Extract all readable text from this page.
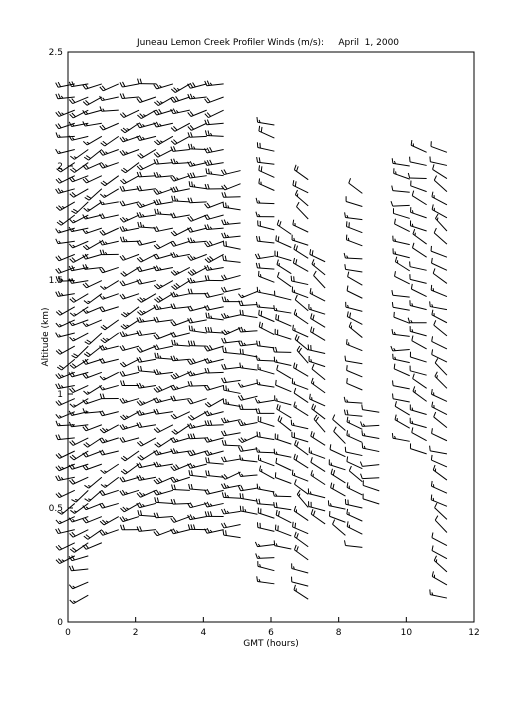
Juneau Lemon Creek Profiler Winds (m/s):     April  1, 2000
0	2	4	6	8	10	12
0
0.5
1
1.5
2
2.5
GMT (hours)
Altitude (km)
